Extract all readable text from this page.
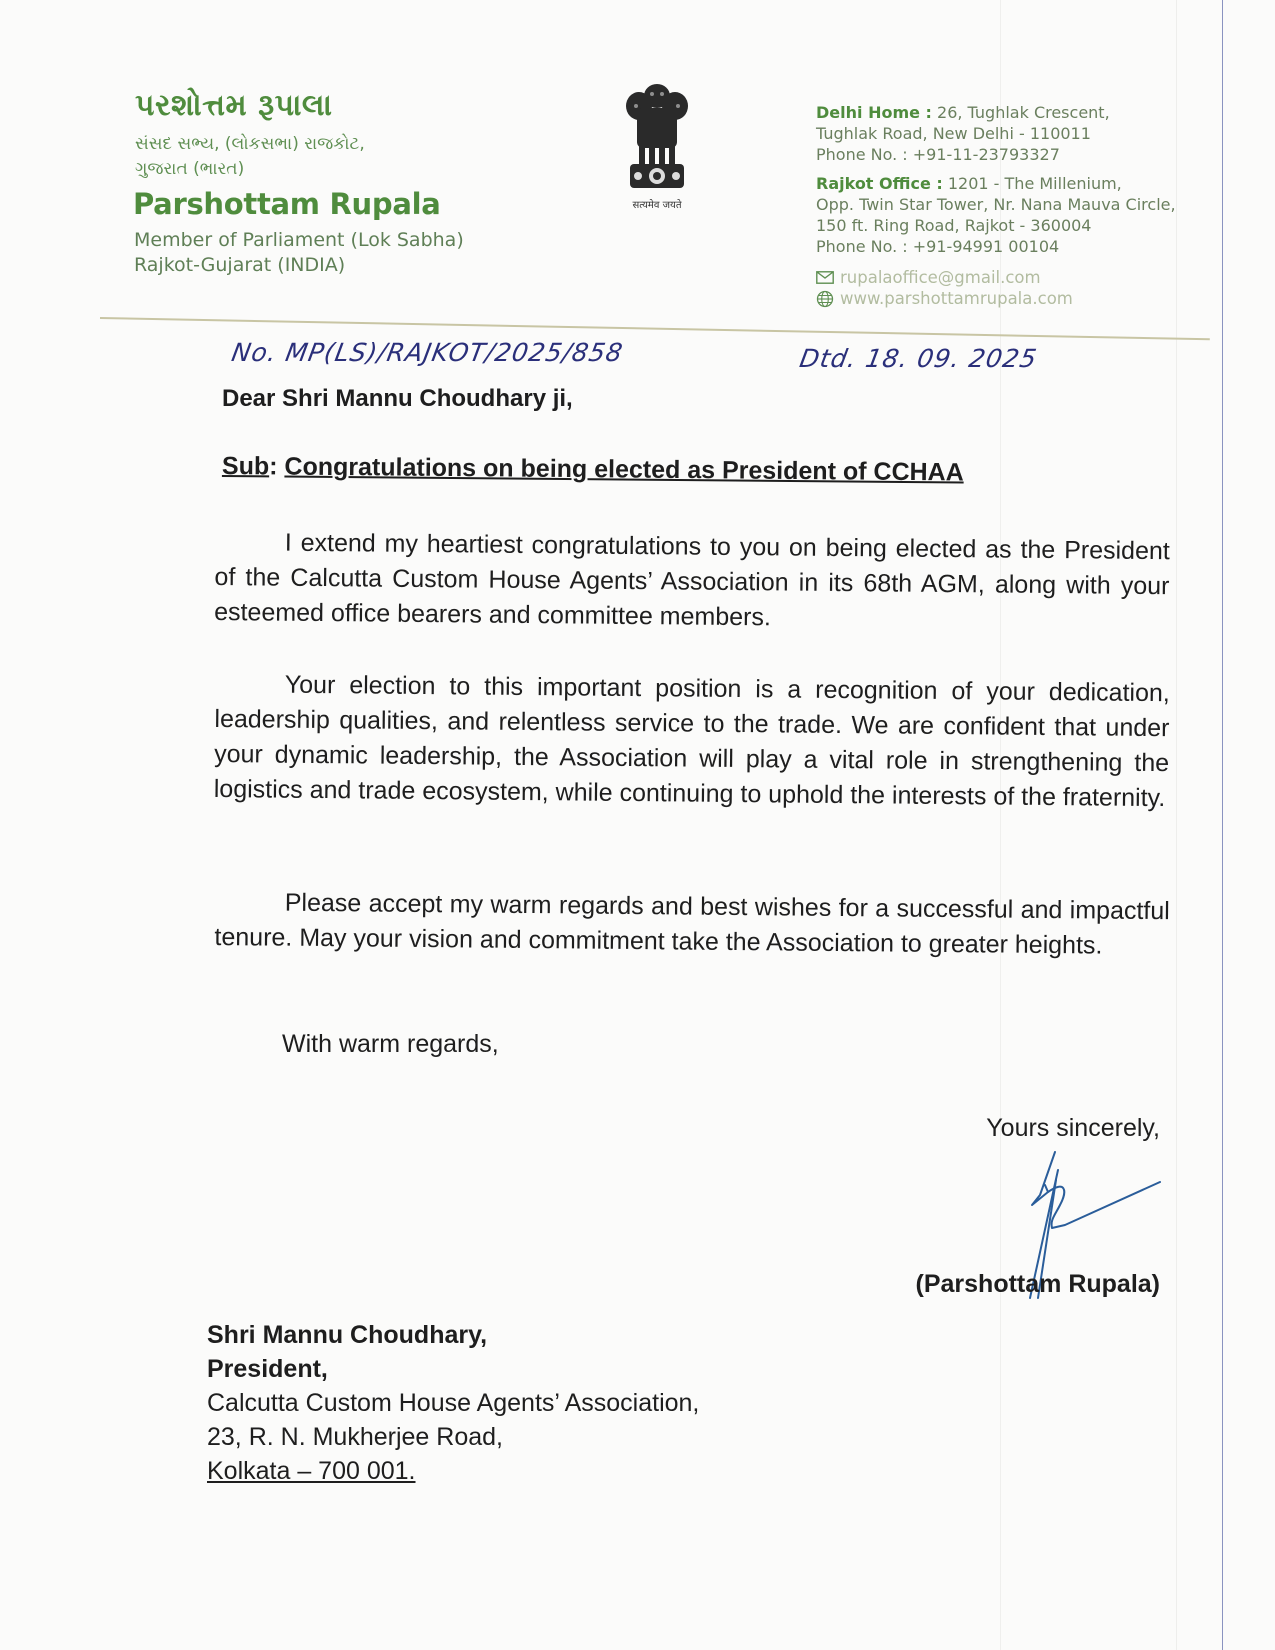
પરશોત્તમ રૂપાલા
સંસદ સભ્ય, (લોકસભા) રાજકોટ,
ગુજરાત (ભારત)
Parshottam Rupala
Member of Parliament (Lok Sabha)
Rajkot-Gujarat (INDIA)
सत्यमेव जयते
Delhi Home : 26, Tughlak Crescent,
Tughlak Road, New Delhi - 110011
Phone No. : +91-11-23793327
Rajkot Office : 1201 - The Millenium,
Opp. Twin Star Tower, Nr. Nana Mauva Circle,
150 ft. Ring Road, Rajkot - 360004
Phone No. : +91-94991 00104
rupalaoffice@gmail.com
www.parshottamrupala.com
No. MP(LS)/RAJKOT/2025/858	Dtd. 18. 09. 2025
Dear Shri Mannu Choudhary ji,
Sub: Congratulations on being elected as President of CCHAA
I extend my heartiest congratulations to you on being elected as the President of the Calcutta Custom House Agents’ Association in its 68th AGM, along with your esteemed office bearers and committee members.
Your election to this important position is a recognition of your dedication, leadership qualities, and relentless service to the trade. We are confident that under your dynamic leadership, the Association will play a vital role in strengthening the logistics and trade ecosystem, while continuing to uphold the interests of the fraternity.
Please accept my warm regards and best wishes for a successful and impactful tenure. May your vision and commitment take the Association to greater heights.
With warm regards,
Yours sincerely,
(Parshottam Rupala)
Shri Mannu Choudhary,
President,
Calcutta Custom House Agents’ Association,
23, R. N. Mukherjee Road,
Kolkata – 700 001.
